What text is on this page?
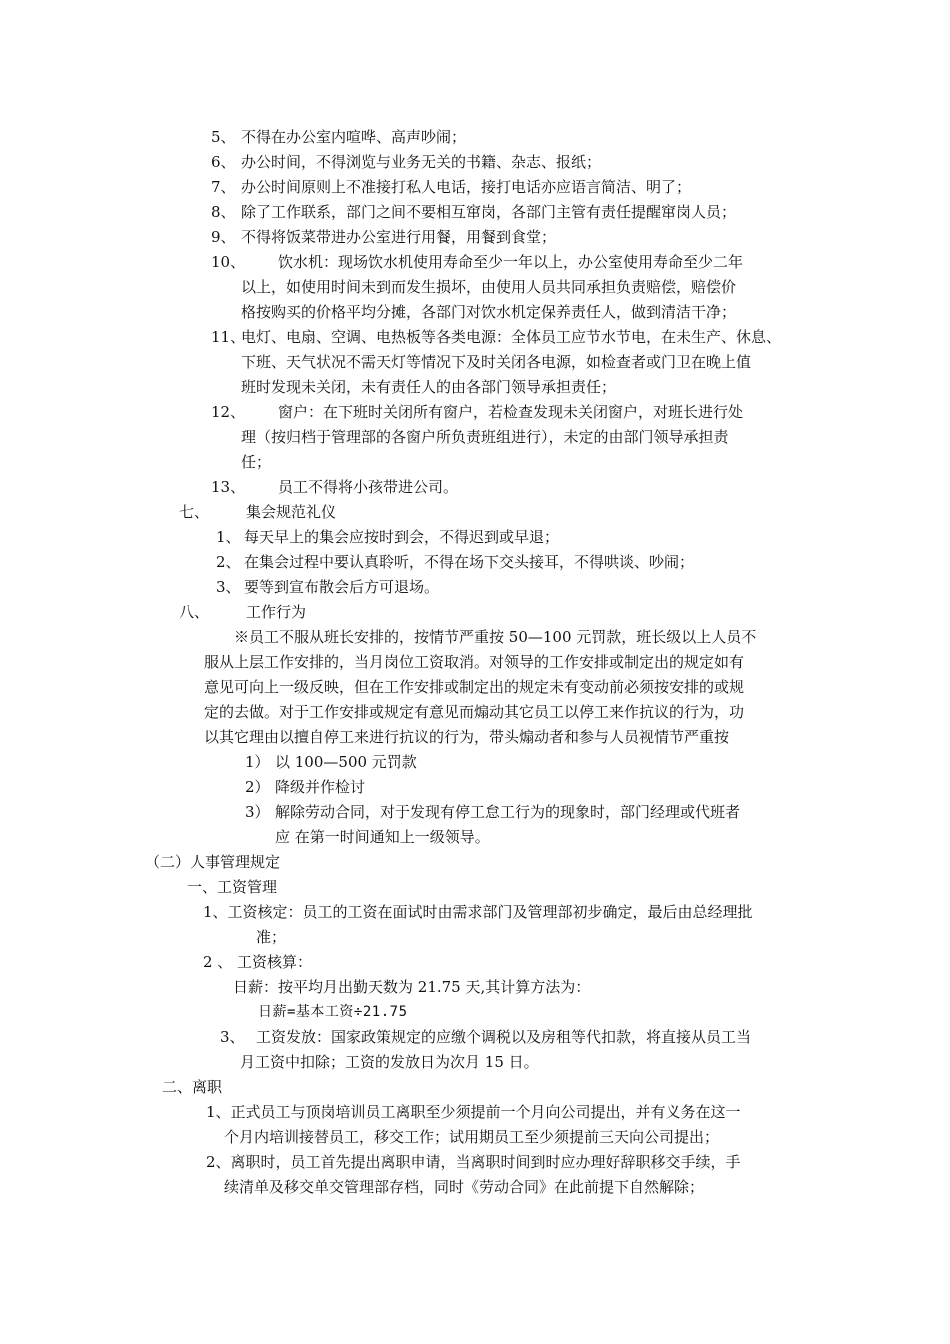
5、 不得在办公室内喧哗、高声吵闹；
6、 办公时间，不得浏览与业务无关的书籍、杂志、报纸；
7、 办公时间原则上不准接打私人电话，接打电话亦应语言简洁、明了；
8、 除了工作联系，部门之间不要相互窜岗，各部门主管有责任提醒窜岗人员；
9、 不得将饭菜带进办公室进行用餐，用餐到食堂；
10、 饮水机：现场饮水机使用寿命至少一年以上，办公室使用寿命至少二年
以上，如使用时间未到而发生损坏，由使用人员共同承担负责赔偿，赔偿价
格按购买的价格平均分摊，各部门对饮水机定保养责任人，做到清洁干净；
11、
电灯、电扇、空调、电热板等各类电源：全体员工应节水节电，在未生产、休息、
下班、天气状况不需天灯等情况下及时关闭各电源，如检查者或门卫在晚上值
班时发现未关闭，未有责任人的由各部门领导承担责任；
12、 窗户：在下班时关闭所有窗户，若检查发现未关闭窗户，对班长进行处
理（按归档于管理部的各窗户所负责班组进行），未定的由部门领导承担责
任；
13、 员工不得将小孩带进公司。
七、 集会规范礼仪
1、 每天早上的集会应按时到会，不得迟到或早退；
2、 在集会过程中要认真聆听，不得在场下交头接耳，不得哄谈、吵闹；
3、 要等到宣布散会后方可退场。
八、 工作行为
※员工不服从班长安排的，按情节严重按 50—100 元罚款，班长级以上人员不
服从上层工作安排的，当月岗位工资取消。对领导的工作安排或制定出的规定如有
意见可向上一级反映，但在工作安排或制定出的规定未有变动前必须按安排的或规
定的去做。对于工作安排或规定有意见而煽动其它员工以停工来作抗议的行为，功
以其它理由以擅自停工来进行抗议的行为，带头煽动者和参与人员视情节严重按
1） 以 100—500 元罚款
2） 降级并作检讨
3） 解除劳动合同，对于发现有停工怠工行为的现象时，部门经理或代班者
应 在第一时间通知上一级领导。
（二）人事管理规定
一、工资管理
1、工资核定：员工的工资在面试时由需求部门及管理部初步确定，最后由总经理批
准；
2 、 工资核算：
日薪：按平均月出勤天数为 21.75 天,其计算方法为：
日薪=基本工资÷21.75
3、 工资发放：国家政策规定的应缴个调税以及房租等代扣款，将直接从员工当
月工资中扣除；工资的发放日为次月 15 日。
二、离职
1、正式员工与顶岗培训员工离职至少须提前一个月向公司提出，并有义务在这一
个月内培训接替员工，移交工作；试用期员工至少须提前三天向公司提出；
2、离职时，员工首先提出离职申请，当离职时间到时应办理好辞职移交手续，手
续清单及移交单交管理部存档，同时《劳动合同》在此前提下自然解除；
